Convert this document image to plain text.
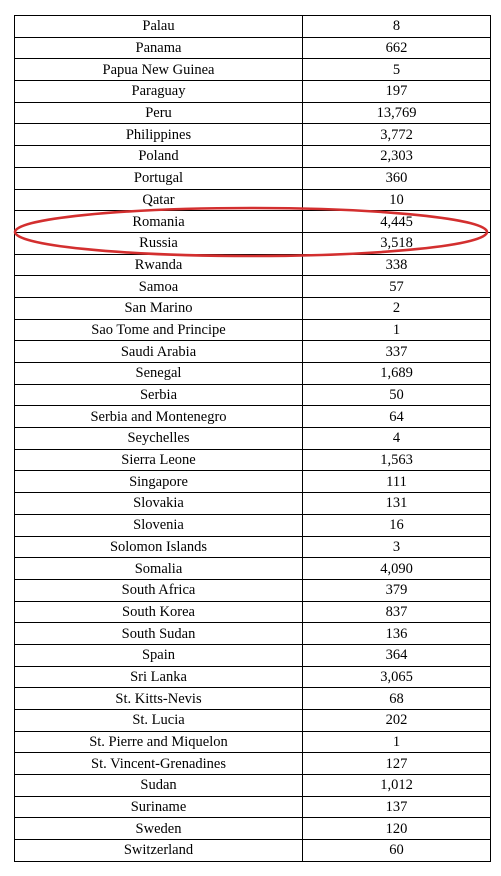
Palau	8
Panama	662
Papua New Guinea	5
Paraguay	197
Peru	13,769
Philippines	3,772
Poland	2,303
Portugal	360
Qatar	10
Romania	4,445
Russia	3,518
Rwanda	338
Samoa	57
San Marino	2
Sao Tome and Principe	1
Saudi Arabia	337
Senegal	1,689
Serbia	50
Serbia and Montenegro	64
Seychelles	4
Sierra Leone	1,563
Singapore	111
Slovakia	131
Slovenia	16
Solomon Islands	3
Somalia	4,090
South Africa	379
South Korea	837
South Sudan	136
Spain	364
Sri Lanka	3,065
St. Kitts-Nevis	68
St. Lucia	202
St. Pierre and Miquelon	1
St. Vincent-Grenadines	127
Sudan	1,012
Suriname	137
Sweden	120
Switzerland	60
